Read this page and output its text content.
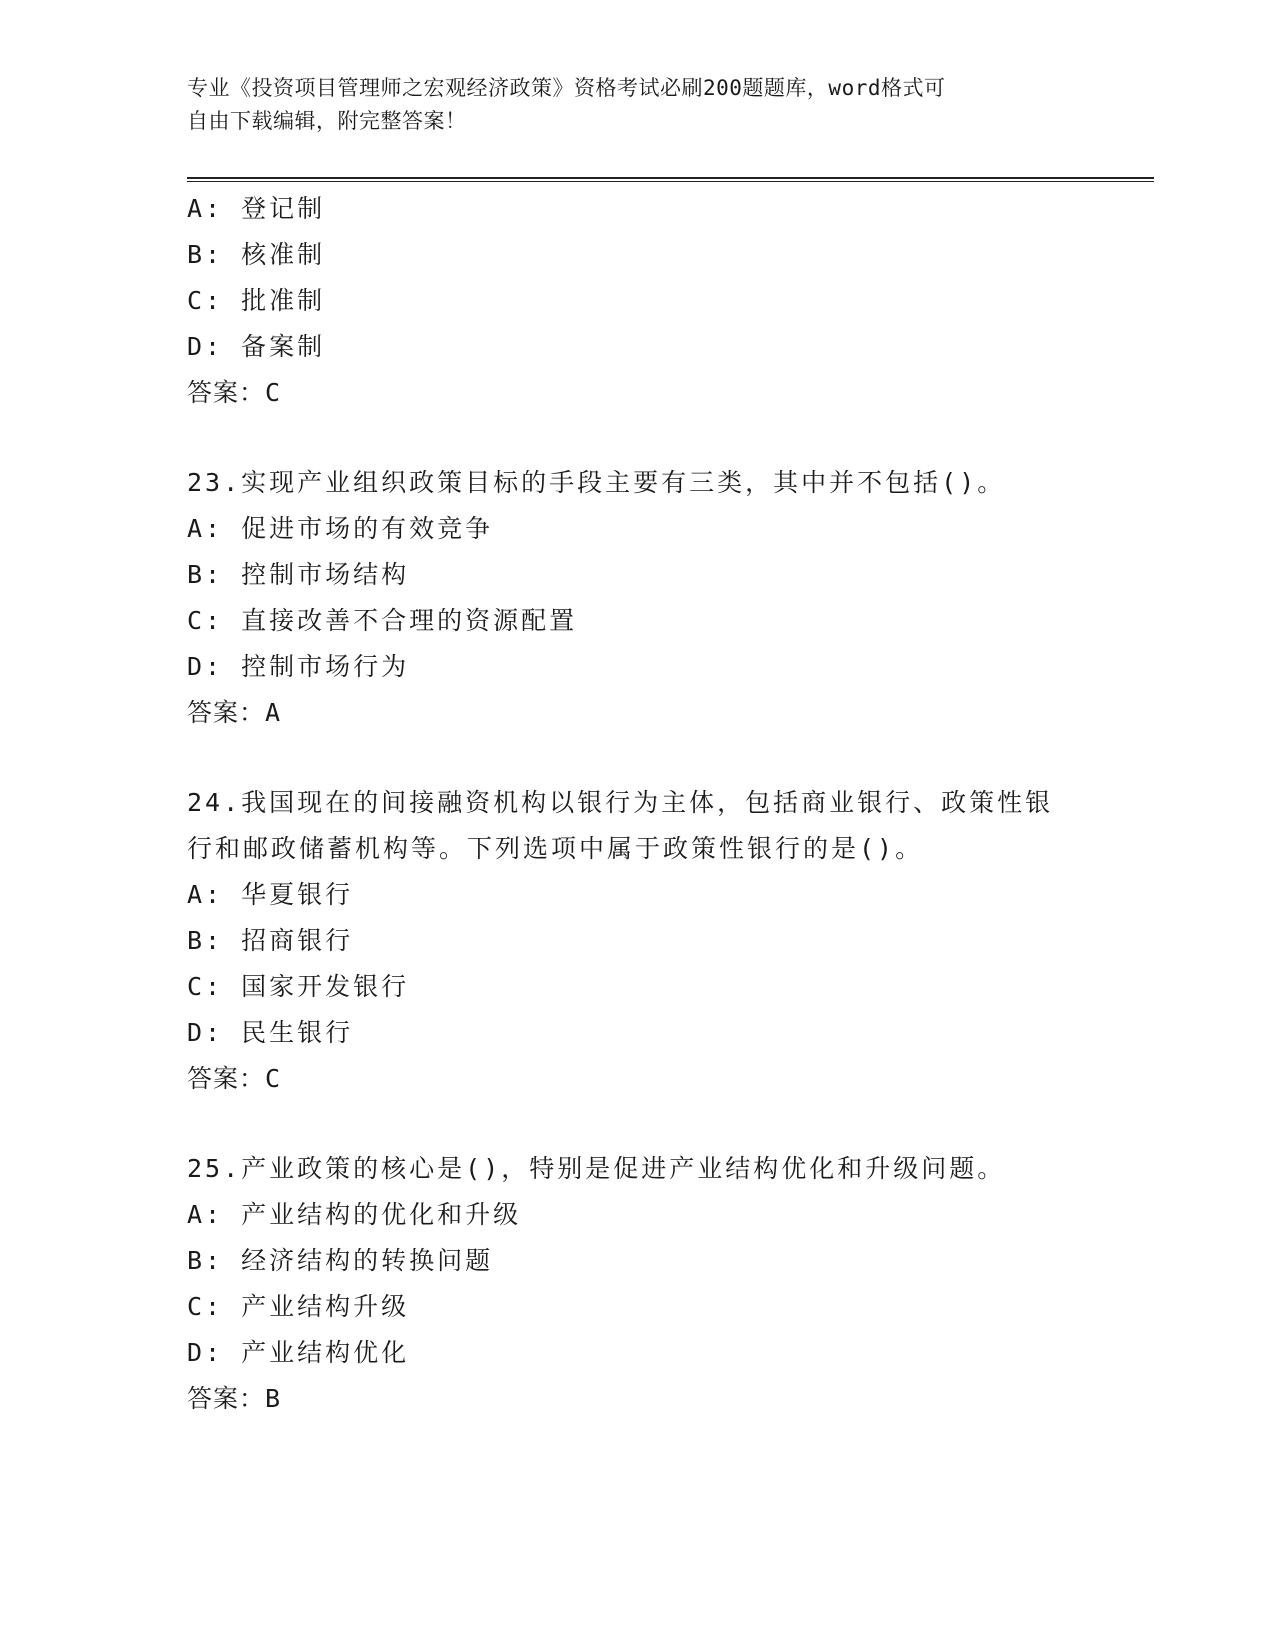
专业《投资项目管理师之宏观经济政策》资格考试必刷200题题库，word格式可
自由下载编辑，附完整答案！
A: 登记制
B: 核准制
C: 批准制
D: 备案制
答案：C
23.实现产业组织政策目标的手段主要有三类，其中并不包括()。
A: 促进市场的有效竞争
B: 控制市场结构
C: 直接改善不合理的资源配置
D: 控制市场行为
答案：A
24.我国现在的间接融资机构以银行为主体，包括商业银行、政策性银
行和邮政储蓄机构等。下列选项中属于政策性银行的是()。
A: 华夏银行
B: 招商银行
C: 国家开发银行
D: 民生银行
答案：C
25.产业政策的核心是()，特别是促进产业结构优化和升级问题。
A: 产业结构的优化和升级
B: 经济结构的转换问题
C: 产业结构升级
D: 产业结构优化
答案：B
